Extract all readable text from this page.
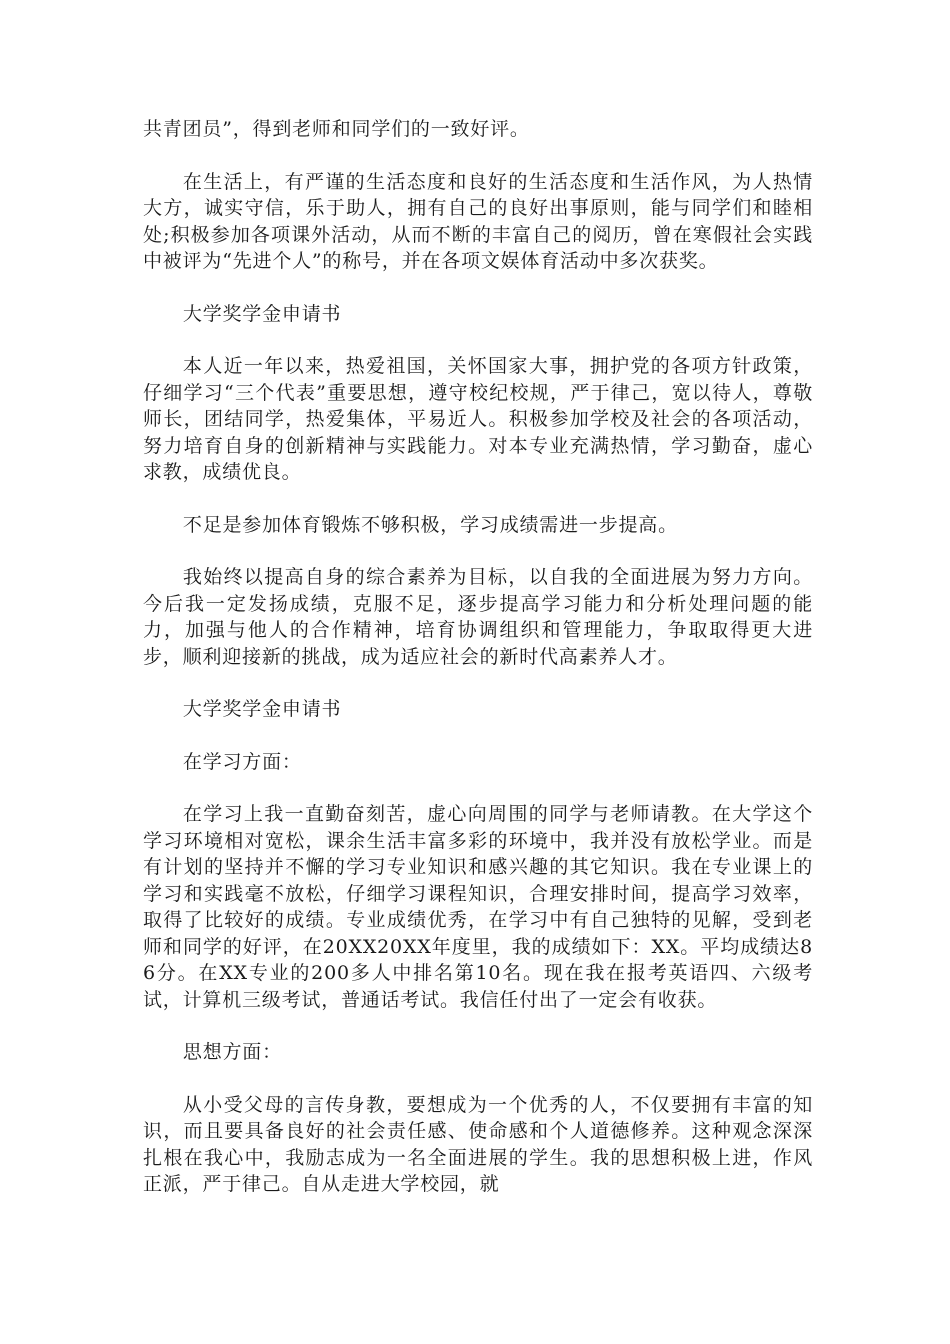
共青团员”，得到老师和同学们的一致好评。

在生活上，有严谨的生活态度和良好的生活态度和生活作风，为人热情大方，诚实守信，乐于助人，拥有自己的良好出事原则，能与同学们和睦相处;积极参加各项课外活动，从而不断的丰富自己的阅历，曾在寒假社会实践中被评为“先进个人”的称号，并在各项文娱体育活动中多次获奖。

大学奖学金申请书

本人近一年以来，热爱祖国，关怀国家大事，拥护党的各项方针政策，仔细学习“三个代表”重要思想，遵守校纪校规，严于律己，宽以待人，尊敬师长，团结同学，热爱集体，平易近人。积极参加学校及社会的各项活动，努力培育自身的创新精神与实践能力。对本专业充满热情，学习勤奋，虚心求教，成绩优良。

不足是参加体育锻炼不够积极，学习成绩需进一步提高。

我始终以提高自身的综合素养为目标，以自我的全面进展为努力方向。今后我一定发扬成绩，克服不足，逐步提高学习能力和分析处理问题的能力，加强与他人的合作精神，培育协调组织和管理能力，争取取得更大进步，顺利迎接新的挑战，成为适应社会的新时代高素养人才。

大学奖学金申请书

在学习方面：

在学习上我一直勤奋刻苦，虚心向周围的同学与老师请教。在大学这个学习环境相对宽松，课余生活丰富多彩的环境中，我并没有放松学业。而是有计划的坚持并不懈的学习专业知识和感兴趣的其它知识。我在专业课上的学习和实践毫不放松，仔细学习课程知识，合理安排时间，提高学习效率，取得了比较好的成绩。专业成绩优秀，在学习中有自己独特的见解，受到老师和同学的好评，在20XX20XX年度里，我的成绩如下：XX。平均成绩达86分。在XX专业的200多人中排名第10名。现在我在报考英语四、六级考试，计算机三级考试，普通话考试。我信任付出了一定会有收获。

思想方面：

从小受父母的言传身教，要想成为一个优秀的人，不仅要拥有丰富的知识，而且要具备良好的社会责任感、使命感和个人道德修养。这种观念深深扎根在我心中，我励志成为一名全面进展的学生。我的思想积极上进，作风正派，严于律己。自从走进大学校园，就
